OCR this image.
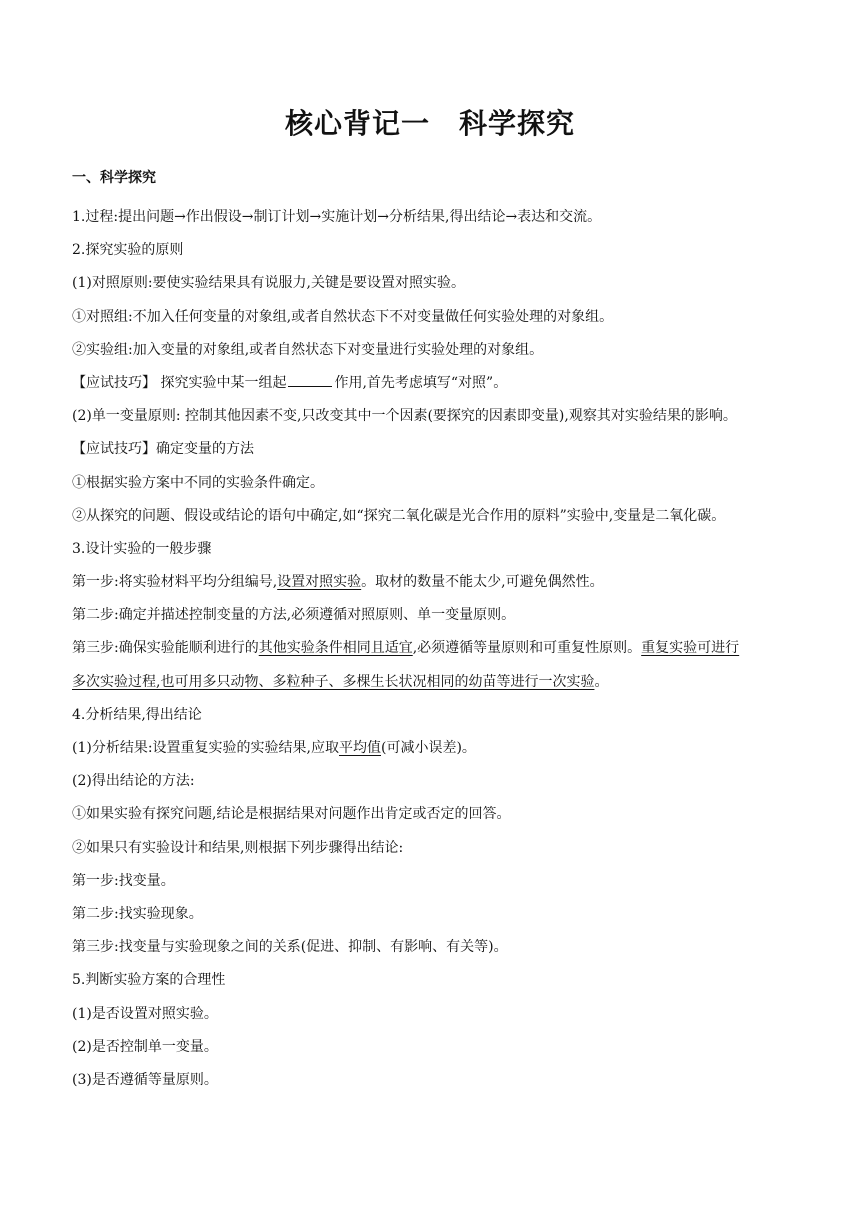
核心背记一　科学探究
一、科学探究
1.过程:提出问题→作出假设→制订计划→实施计划→分析结果,得出结论→表达和交流。
2.探究实验的原则
(1)对照原则:要使实验结果具有说服力,关键是要设置对照实验。
①对照组:不加入任何变量的对象组,或者自然状态下不对变量做任何实验处理的对象组。
②实验组:加入变量的对象组,或者自然状态下对变量进行实验处理的对象组。
【应试技巧】 探究实验中某一组起	作用,首先考虑填写“对照”。
(2)单一变量原则: 控制其他因素不变,只改变其中一个因素(要探究的因素即变量),观察其对实验结果的影响。
【应试技巧】确定变量的方法
①根据实验方案中不同的实验条件确定。
②从探究的问题、假设或结论的语句中确定,如“探究二氧化碳是光合作用的原料”实验中,变量是二氧化碳。
3.设计实验的一般步骤
第一步:将实验材料平均分组编号,设置对照实验。取材的数量不能太少,可避免偶然性。
第二步:确定并描述控制变量的方法,必须遵循对照原则、单一变量原则。
第三步:确保实验能顺利进行的其他实验条件相同且适宜,必须遵循等量原则和可重复性原则。重复实验可进行
多次实验过程,也可用多只动物、多粒种子、多棵生长状况相同的幼苗等进行一次实验。
4.分析结果,得出结论
(1)分析结果:设置重复实验的实验结果,应取平均值(可减小误差)。
(2)得出结论的方法:
①如果实验有探究问题,结论是根据结果对问题作出肯定或否定的回答。
②如果只有实验设计和结果,则根据下列步骤得出结论:
第一步:找变量。
第二步:找实验现象。
第三步:找变量与实验现象之间的关系(促进、抑制、有影响、有关等)。
5.判断实验方案的合理性
(1)是否设置对照实验。
(2)是否控制单一变量。
(3)是否遵循等量原则。
